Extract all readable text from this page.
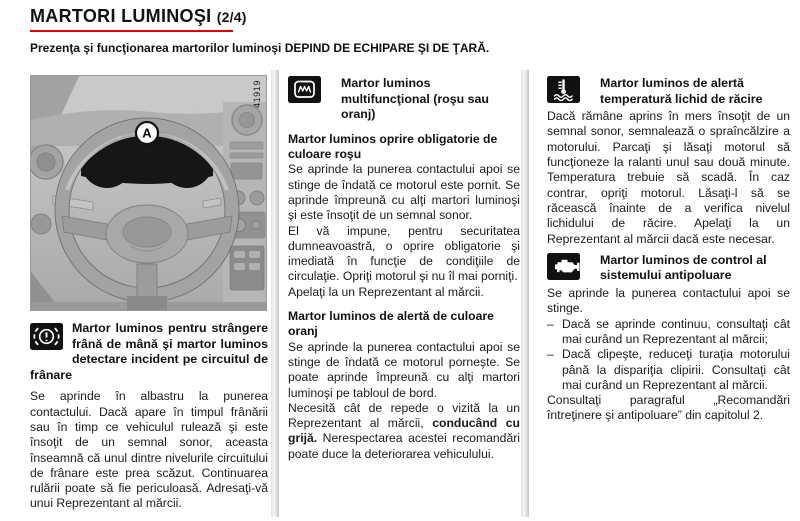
MARTORI LUMINOŞI (2/4)

Prezenţa şi funcţionarea martorilor luminoşi DEPIND DE ECHIPARE ŞI DE ŢARĂ.

A
41919
Martor luminos pentru strângere frână de mână şi martor luminos detectare incident pe circuitul de frânare

Se aprinde în albastru la punerea contactului. Dacă apare în timpul frânării sau în timp ce vehiculul rulează şi este însoţit de un semnal sonor, aceasta înseamnă că unul dintre nivelurile circuitului de frânare este prea scăzut. Continuarea rulării poate să fie periculoasă. Adresaţi-vă unui Reprezentant al mărcii.

Martor luminos multifuncţional (roşu sau oranj)
Martor luminos oprire obligatorie de culoare roşu

Se aprinde la punerea contactului apoi se stinge de îndată ce motorul este pornit. Se aprinde împreună cu alţi martori luminoşi şi este însoţit de un semnal sonor.

El vă impune, pentru securitatea dumneavoastră, o oprire obligatorie şi imediată în funcţie de condiţiile de circulaţie. Opriţi motorul şi nu îl mai porniţi.

Apelaţi la un Reprezentant al mărcii.

Martor luminos de alertă de culoare oranj

Se aprinde la punerea contactului apoi se stinge de îndată ce motorul porneşte. Se poate aprinde împreună cu alţi martori luminoşi pe tabloul de bord.

Necesită cât de repede o vizită la un Reprezentant al mărcii, conducând cu grijă. Nerespectarea acestei recomandări poate duce la deteriorarea vehiculului.

Martor luminos de alertă temperatură lichid de răcire

Dacă rămâne aprins în mers însoţit de un semnal sonor, semnalează o spraîncălzire a motorului. Parcaţi şi lăsaţi motorul să funcţioneze la ralanti unul sau două minute. Temperatura trebuie să scadă. În caz contrar, opriţi motorul. Lăsaţi-l să se răcească înainte de a verifica nivelul lichidului de răcire. Apelaţi la un Reprezentant al mărcii dacă este necesar.

Martor luminos de control al sistemului antipoluare

Se aprinde la punerea contactului apoi se stinge.

– Dacă se aprinde continuu, consultaţi cât mai curând un Reprezentant al mărcii;
– Dacă clipeşte, reduceţi turaţia motorului până la dispariţia clipirii. Consultaţi cât mai curând un Reprezentant al mărcii.

Consultaţi paragraful „Recomandări întreţinere şi antipoluare” din capitolul 2.
